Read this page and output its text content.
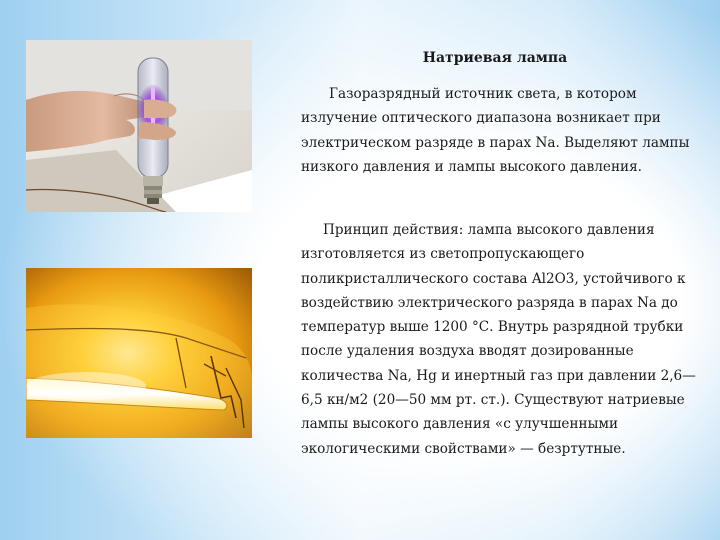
Натриевая лампа

Газоразрядный источник света, в котором излучение оптического диапазона возникает при электрическом разряде в парах Na. Выделяют лампы низкого давления и лампы высокого давления.

Принцип действия: лампа высокого давления изготовляется из светопропускающего поликристаллического состава Al2O3, устойчивого к воздействию электрического разряда в парах Na до температур выше 1200 °С. Внутрь разрядной трубки после удаления воздуха вводят дозированные количества Na, Hg и инертный газ при давлении 2,6—6,5 кн/м2 (20—50 мм рт. ст.). Существуют натриевые лампы высокого давления «с улучшенными экологическими свойствами» — безртутные.
